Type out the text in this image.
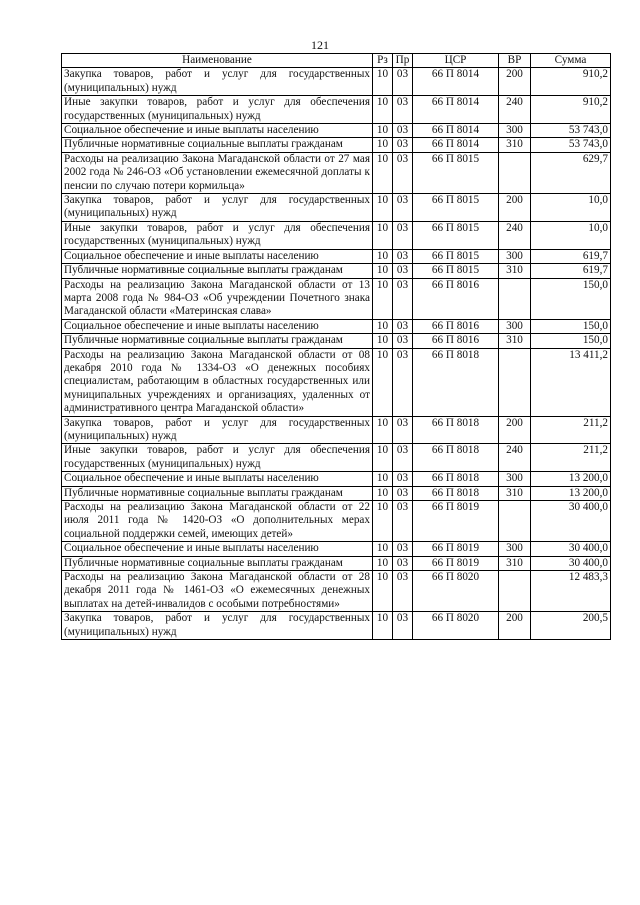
121
Наименование	Рз	Пр	ЦСР	ВР	Сумма
Закупка товаров, работ и услуг для государственных (муниципальных) нужд	10	03	66 П 8014	200	910,2
Иные закупки товаров, работ и услуг для обеспечения государственных (муниципальных) нужд	10	03	66 П 8014	240	910,2
Социальное обеспечение и иные выплаты населению	10	03	66 П 8014	300	53 743,0
Публичные нормативные социальные выплаты гражданам	10	03	66 П 8014	310	53 743,0
Расходы на реализацию Закона Магаданской области от 27 мая 2002 года № 246-ОЗ «Об установлении ежемесячной доплаты к пенсии по случаю потери кормильца»	10	03	66 П 8015		629,7
Закупка товаров, работ и услуг для государственных (муниципальных) нужд	10	03	66 П 8015	200	10,0
Иные закупки товаров, работ и услуг для обеспечения государственных (муниципальных) нужд	10	03	66 П 8015	240	10,0
Социальное обеспечение и иные выплаты населению	10	03	66 П 8015	300	619,7
Публичные нормативные социальные выплаты гражданам	10	03	66 П 8015	310	619,7
Расходы на реализацию Закона Магаданской области от 13 марта 2008 года № 984-ОЗ «Об учреждении Почетного знака Магаданской области «Материнская слава»	10	03	66 П 8016		150,0
Социальное обеспечение и иные выплаты населению	10	03	66 П 8016	300	150,0
Публичные нормативные социальные выплаты гражданам	10	03	66 П 8016	310	150,0
Расходы на реализацию Закона Магаданской области от 08 декабря 2010 года № 1334-ОЗ «О денежных пособиях специалистам, работающим в областных государственных или муниципальных учреждениях и организациях, удаленных от административного центра Магаданской области»	10	03	66 П 8018		13 411,2
Закупка товаров, работ и услуг для государственных (муниципальных) нужд	10	03	66 П 8018	200	211,2
Иные закупки товаров, работ и услуг для обеспечения государственных (муниципальных) нужд	10	03	66 П 8018	240	211,2
Социальное обеспечение и иные выплаты населению	10	03	66 П 8018	300	13 200,0
Публичные нормативные социальные выплаты гражданам	10	03	66 П 8018	310	13 200,0
Расходы на реализацию Закона Магаданской области от 22 июля 2011 года № 1420-ОЗ «О дополнительных мерах социальной поддержки семей, имеющих детей»	10	03	66 П 8019		30 400,0
Социальное обеспечение и иные выплаты населению	10	03	66 П 8019	300	30 400,0
Публичные нормативные социальные выплаты гражданам	10	03	66 П 8019	310	30 400,0
Расходы на реализацию Закона Магаданской области от 28 декабря 2011 года № 1461-ОЗ «О ежемесячных денежных выплатах на детей-инвалидов с особыми потребностями»	10	03	66 П 8020		12 483,3
Закупка товаров, работ и услуг для государственных (муниципальных) нужд	10	03	66 П 8020	200	200,5
